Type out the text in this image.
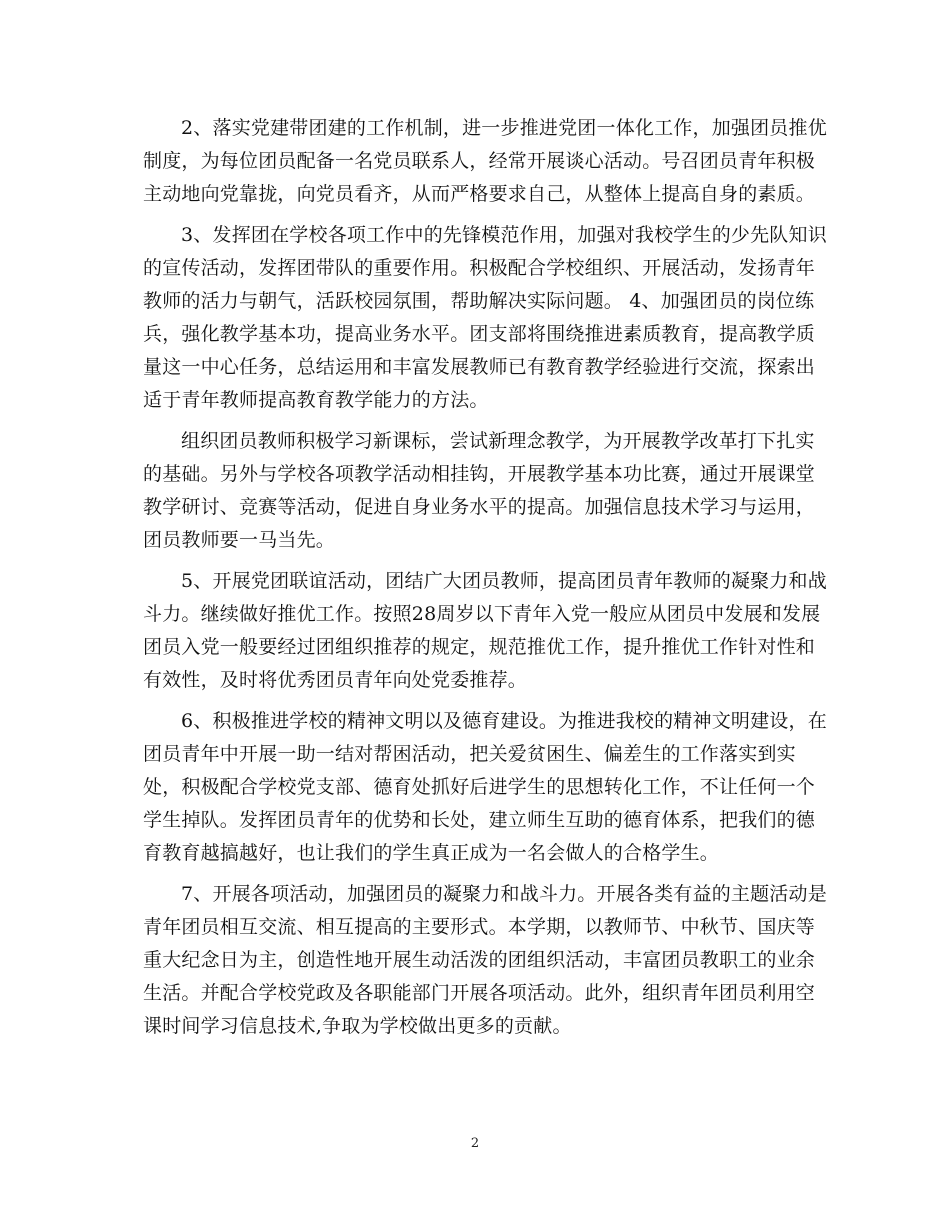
2、落实党建带团建的工作机制，进一步推进党团一体化工作，加强团员推优
制度，为每位团员配备一名党员联系人，经常开展谈心活动。号召团员青年积极
主动地向党靠拢，向党员看齐，从而严格要求自己，从整体上提高自身的素质。
3、发挥团在学校各项工作中的先锋模范作用，加强对我校学生的少先队知识
的宣传活动，发挥团带队的重要作用。积极配合学校组织、开展活动，发扬青年
教师的活力与朝气，活跃校园氛围，帮助解决实际问题。 4、加强团员的岗位练
兵，强化教学基本功，提高业务水平。团支部将围绕推进素质教育，提高教学质
量这一中心任务，总结运用和丰富发展教师已有教育教学经验进行交流，探索出
适于青年教师提高教育教学能力的方法。
组织团员教师积极学习新课标，尝试新理念教学，为开展教学改革打下扎实
的基础。另外与学校各项教学活动相挂钩，开展教学基本功比赛，通过开展课堂
教学研讨、竞赛等活动，促进自身业务水平的提高。加强信息技术学习与运用，
团员教师要一马当先。
5、开展党团联谊活动，团结广大团员教师，提高团员青年教师的凝聚力和战
斗力。继续做好推优工作。按照28周岁以下青年入党一般应从团员中发展和发展
团员入党一般要经过团组织推荐的规定，规范推优工作，提升推优工作针对性和
有效性，及时将优秀团员青年向处党委推荐。
6、积极推进学校的精神文明以及德育建设。为推进我校的精神文明建设，在
团员青年中开展一助一结对帮困活动，把关爱贫困生、偏差生的工作落实到实
处，积极配合学校党支部、德育处抓好后进学生的思想转化工作，不让任何一个
学生掉队。发挥团员青年的优势和长处，建立师生互助的德育体系，把我们的德
育教育越搞越好，也让我们的学生真正成为一名会做人的合格学生。
7、开展各项活动，加强团员的凝聚力和战斗力。开展各类有益的主题活动是
青年团员相互交流、相互提高的主要形式。本学期，以教师节、中秋节、国庆等
重大纪念日为主，创造性地开展生动活泼的团组织活动，丰富团员教职工的业余
生活。并配合学校党政及各职能部门开展各项活动。此外，组织青年团员利用空
课时间学习信息技术,争取为学校做出更多的贡献。
2
